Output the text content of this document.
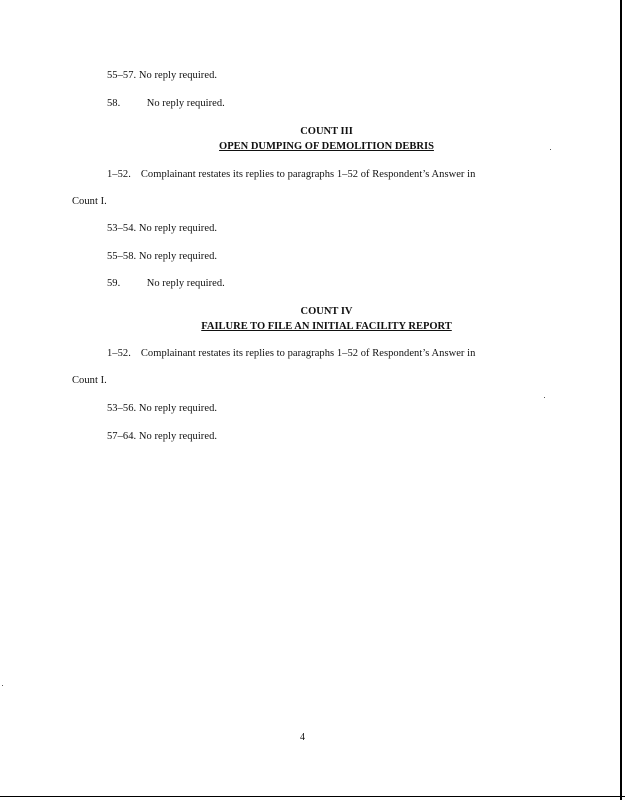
55–57. No reply required.
58.	No reply required.
COUNT III
OPEN DUMPING OF DEMOLITION DEBRIS
1–52. Complainant restates its replies to paragraphs 1–52 of Respondent’s Answer in
Count I.
53–54. No reply required.
55–58. No reply required.
59.	No reply required.
COUNT IV
FAILURE TO FILE AN INITIAL FACILITY REPORT
1–52. Complainant restates its replies to paragraphs 1–52 of Respondent’s Answer in
Count I.
53–56. No reply required.
57–64. No reply required.
4
